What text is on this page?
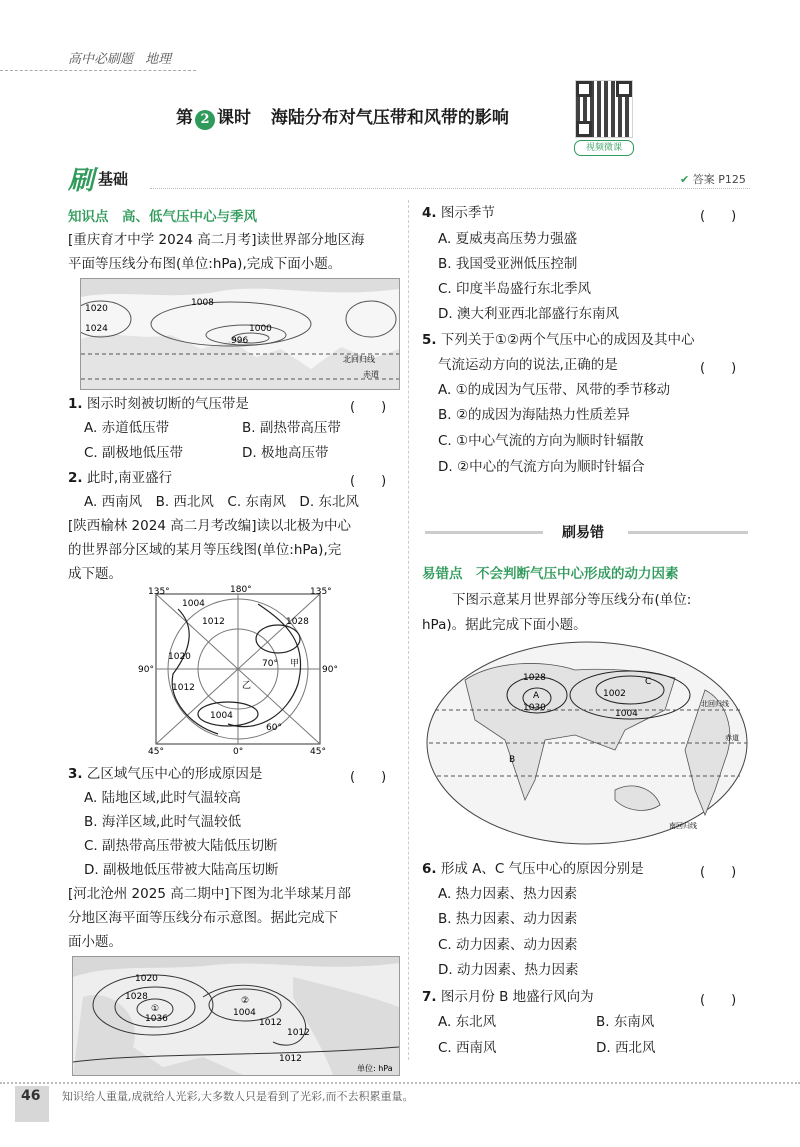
高中必刷题 地理
第 2 课时 海陆分布对气压带和风带的影响
视频微课
刷 基础	✔ 答案 P125
知识点　高、低气压中心与季风
[重庆育才中学 2024 高二月考]读世界部分地区海
平面等压线分布图(单位:hPa),完成下面小题。
1008
1020
1024	1000
996
北回归线
赤道
1. 图示时刻被切断的气压带是	(　　)
A. 赤道低压带	B. 副热带高压带
C. 副极地低压带	D. 极地高压带
2. 此时,南亚盛行	(　　)
A. 西南风　B. 西北风　C. 东南风　D. 东北风
[陕西榆林 2024 高二月考改编]读以北极为中心
的世界部分区域的某月等压线图(单位:hPa),完
成下题。
135°	180°	135°
90°	90°
45°	0°	45°
1004
1012	1028
1020
1012
1004
70°
60°
乙
甲
3. 乙区域气压中心的形成原因是	(　　)
A. 陆地区域,此时气温较高
B. 海洋区域,此时气温较低
C. 副热带高压带被大陆低压切断
D. 副极地低压带被大陆高压切断
[河北沧州 2025 高二期中]下图为北半球某月部
分地区海平面等压线分布示意图。据此完成下
面小题。
1020
1028
①
1036
②
1004
1012
1012
1012
单位: hPa
4. 图示季节	(　　)
A. 夏威夷高压势力强盛
B. 我国受亚洲低压控制
C. 印度半岛盛行东北季风
D. 澳大利亚西北部盛行东南风
5. 下列关于①②两个气压中心的成因及其中心
气流运动方向的说法,正确的是	(　　)
A. ①的成因为气压带、风带的季节移动
B. ②的成因为海陆热力性质差异
C. ①中心气流的方向为顺时针辐散
D. ②中心的气流方向为顺时针辐合
刷易错
易错点　不会判断气压中心形成的动力因素
下图示意某月世界部分等压线分布(单位:
hPa)。据此完成下面小题。
1028
A
1030
C
1002
1004
B
北回归线
赤道
南回归线
6. 形成 A、C 气压中心的原因分别是	(　　)
A. 热力因素、热力因素
B. 热力因素、动力因素
C. 动力因素、动力因素
D. 动力因素、热力因素
7. 图示月份 B 地盛行风向为	(　　)
A. 东北风	B. 东南风
C. 西南风	D. 西北风
46 知识给人重量,成就给人光彩,大多数人只是看到了光彩,而不去积累重量。
